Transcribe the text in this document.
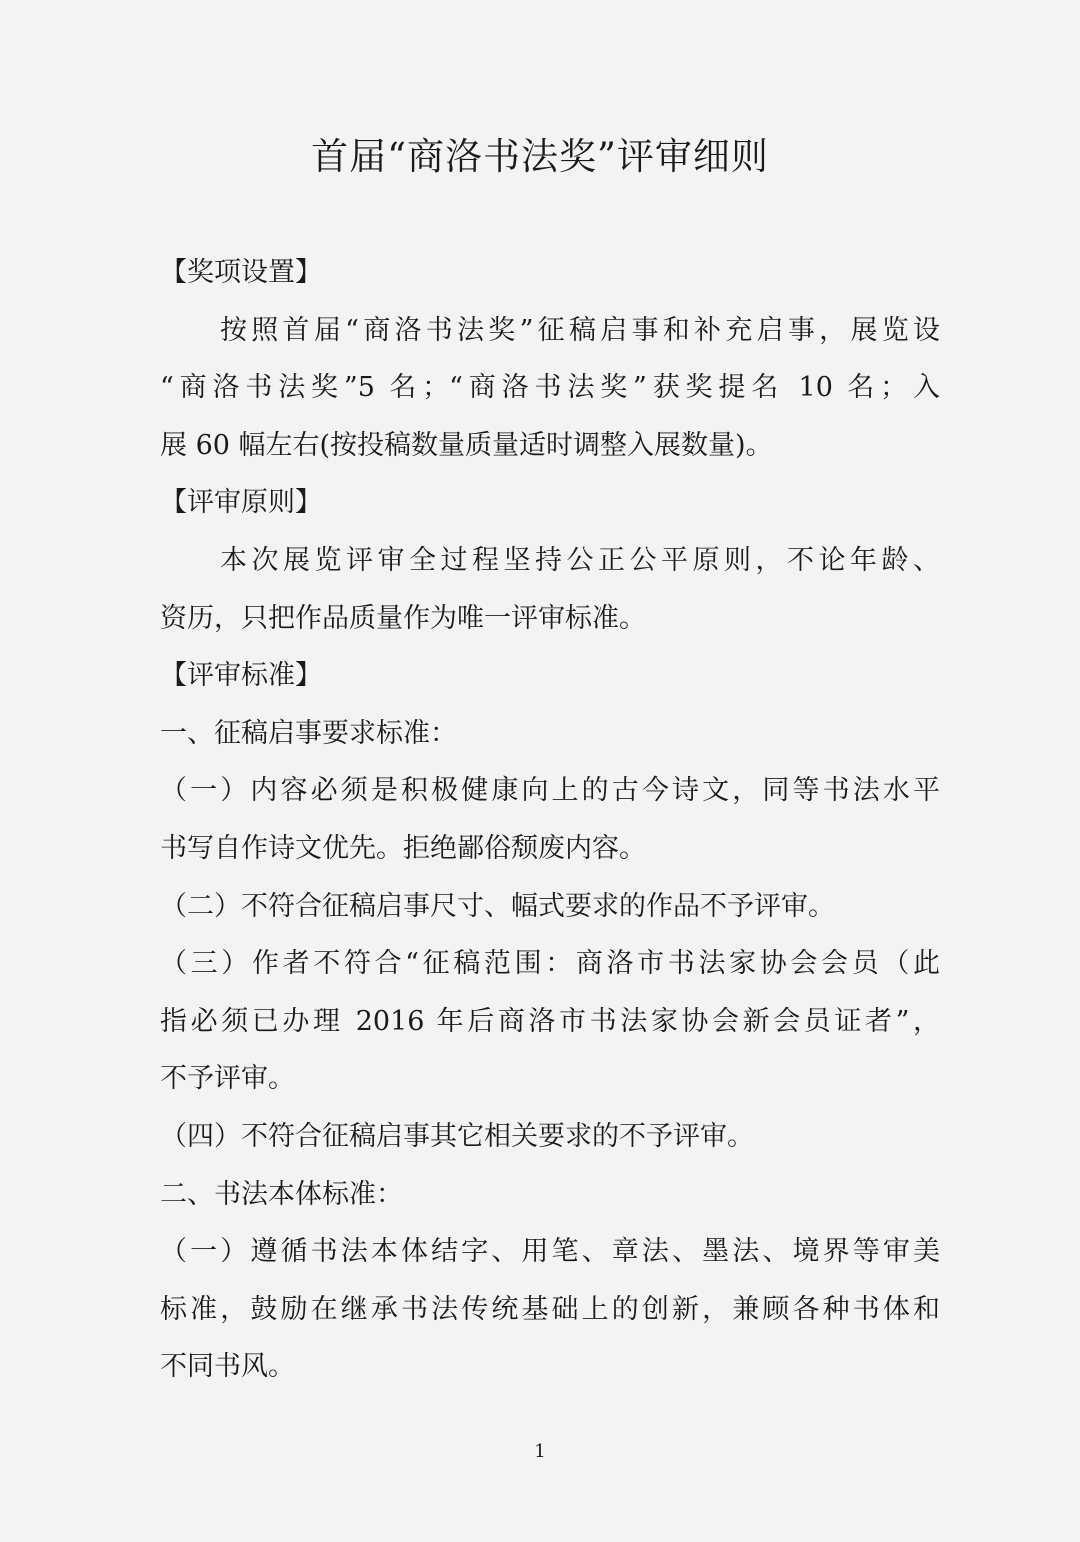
首届“商洛书法奖”评审细则
【奖项设置】
按照首届“商洛书法奖”征稿启事和补充启事，展览设
“商洛书法奖”5 名；“商洛书法奖”获奖提名 10 名；入
展 60 幅左右(按投稿数量质量适时调整入展数量)。
【评审原则】
本次展览评审全过程坚持公正公平原则，不论年龄、
资历，只把作品质量作为唯一评审标准。
【评审标准】
一、征稿启事要求标准：
（一）内容必须是积极健康向上的古今诗文，同等书法水平
书写自作诗文优先。拒绝鄙俗颓废内容。
（二）不符合征稿启事尺寸、幅式要求的作品不予评审。
（三）作者不符合“征稿范围：商洛市书法家协会会员（此
指必须已办理 2016 年后商洛市书法家协会新会员证者”，
不予评审。
（四）不符合征稿启事其它相关要求的不予评审。
二、书法本体标准：
（一）遵循书法本体结字、用笔、章法、墨法、境界等审美
标准，鼓励在继承书法传统基础上的创新，兼顾各种书体和
不同书风。
1
